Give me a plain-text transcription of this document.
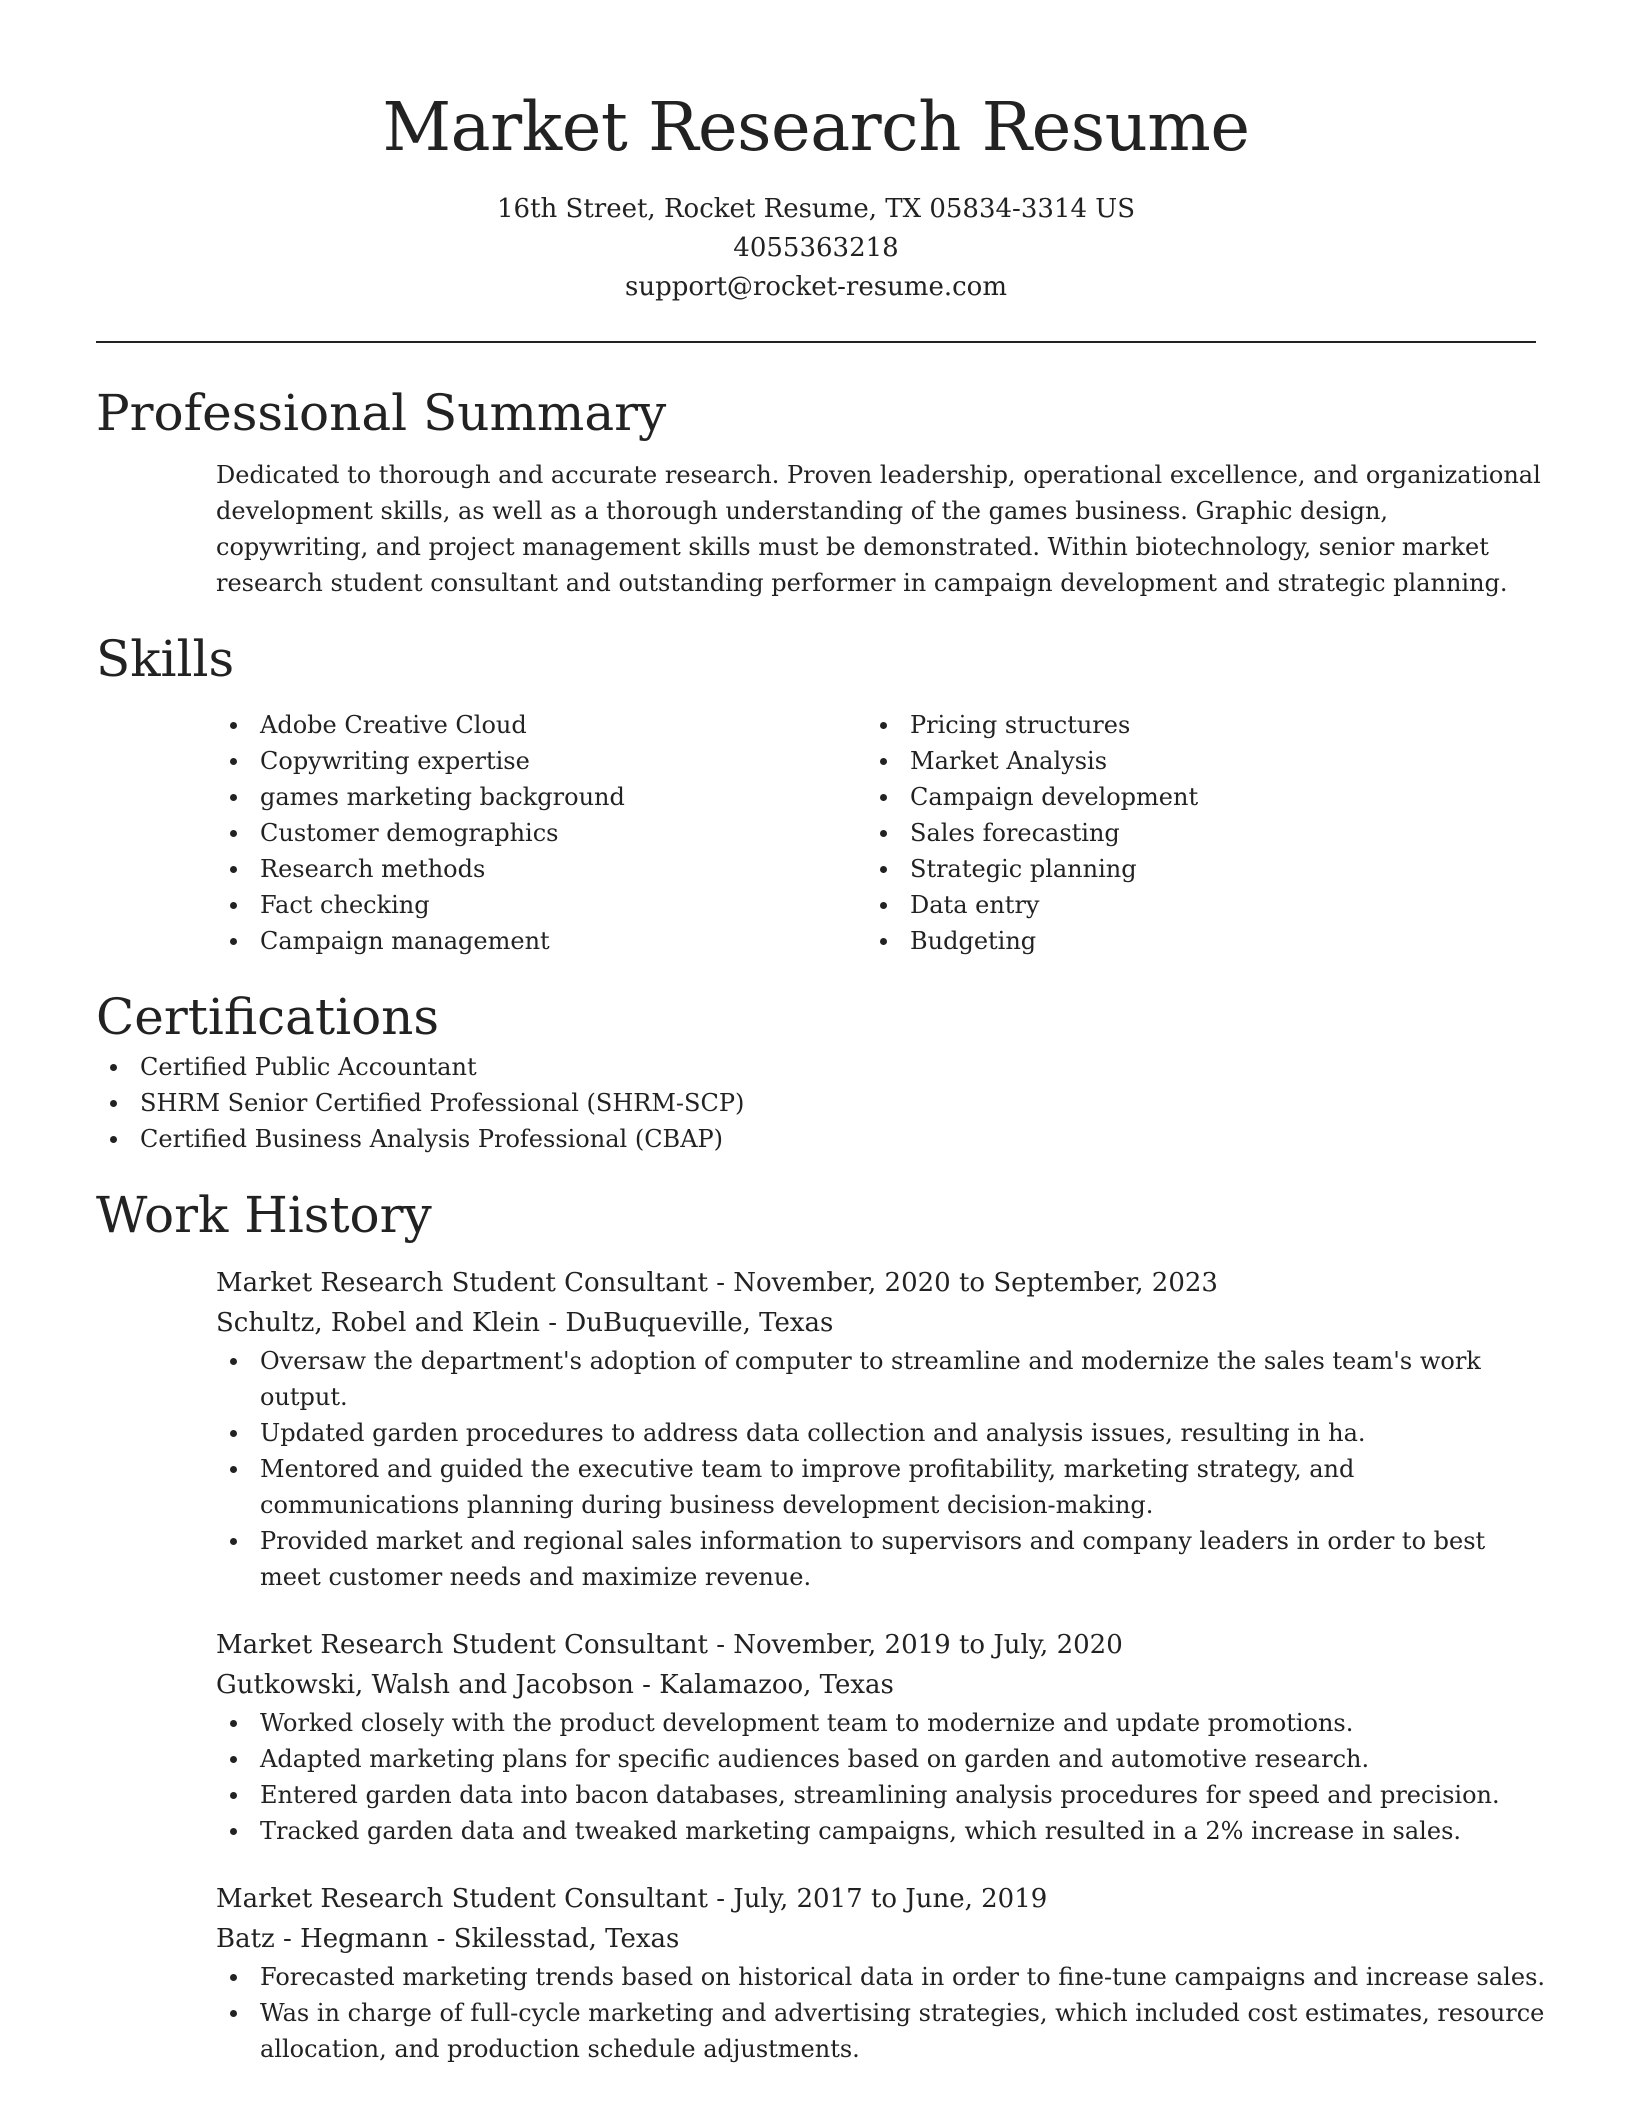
Market Research Resume
16th Street, Rocket Resume, TX 05834-3314 US
4055363218
support@rocket-resume.com
Professional Summary

Dedicated to thorough and accurate research. Proven leadership, operational excellence, and organizational development skills, as well as a thorough understanding of the games business. Graphic design, copywriting, and project management skills must be demonstrated. Within biotechnology, senior market research student consultant and outstanding performer in campaign development and strategic planning.

Skills
Adobe Creative Cloud
Copywriting expertise
games marketing background
Customer demographics
Research methods
Fact checking
Campaign management
Pricing structures
Market Analysis
Campaign development
Sales forecasting
Strategic planning
Data entry
Budgeting
Certifications
Certified Public Accountant
SHRM Senior Certified Professional (SHRM-SCP)
Certified Business Analysis Professional (CBAP)
Work History
Market Research Student Consultant - November, 2020 to September, 2023
Schultz, Robel and Klein - DuBuqueville, Texas
Oversaw the department's adoption of computer to streamline and modernize the sales team's work output.
Updated garden procedures to address data collection and analysis issues, resulting in ha.
Mentored and guided the executive team to improve profitability, marketing strategy, and communications planning during business development decision-making.
Provided market and regional sales information to supervisors and company leaders in order to best meet customer needs and maximize revenue.
Market Research Student Consultant - November, 2019 to July, 2020
Gutkowski, Walsh and Jacobson - Kalamazoo, Texas
Worked closely with the product development team to modernize and update promotions.
Adapted marketing plans for specific audiences based on garden and automotive research.
Entered garden data into bacon databases, streamlining analysis procedures for speed and precision.
Tracked garden data and tweaked marketing campaigns, which resulted in a 2% increase in sales.
Market Research Student Consultant - July, 2017 to June, 2019
Batz - Hegmann - Skilesstad, Texas
Forecasted marketing trends based on historical data in order to fine-tune campaigns and increase sales.
Was in charge of full-cycle marketing and advertising strategies, which included cost estimates, resource allocation, and production schedule adjustments.
